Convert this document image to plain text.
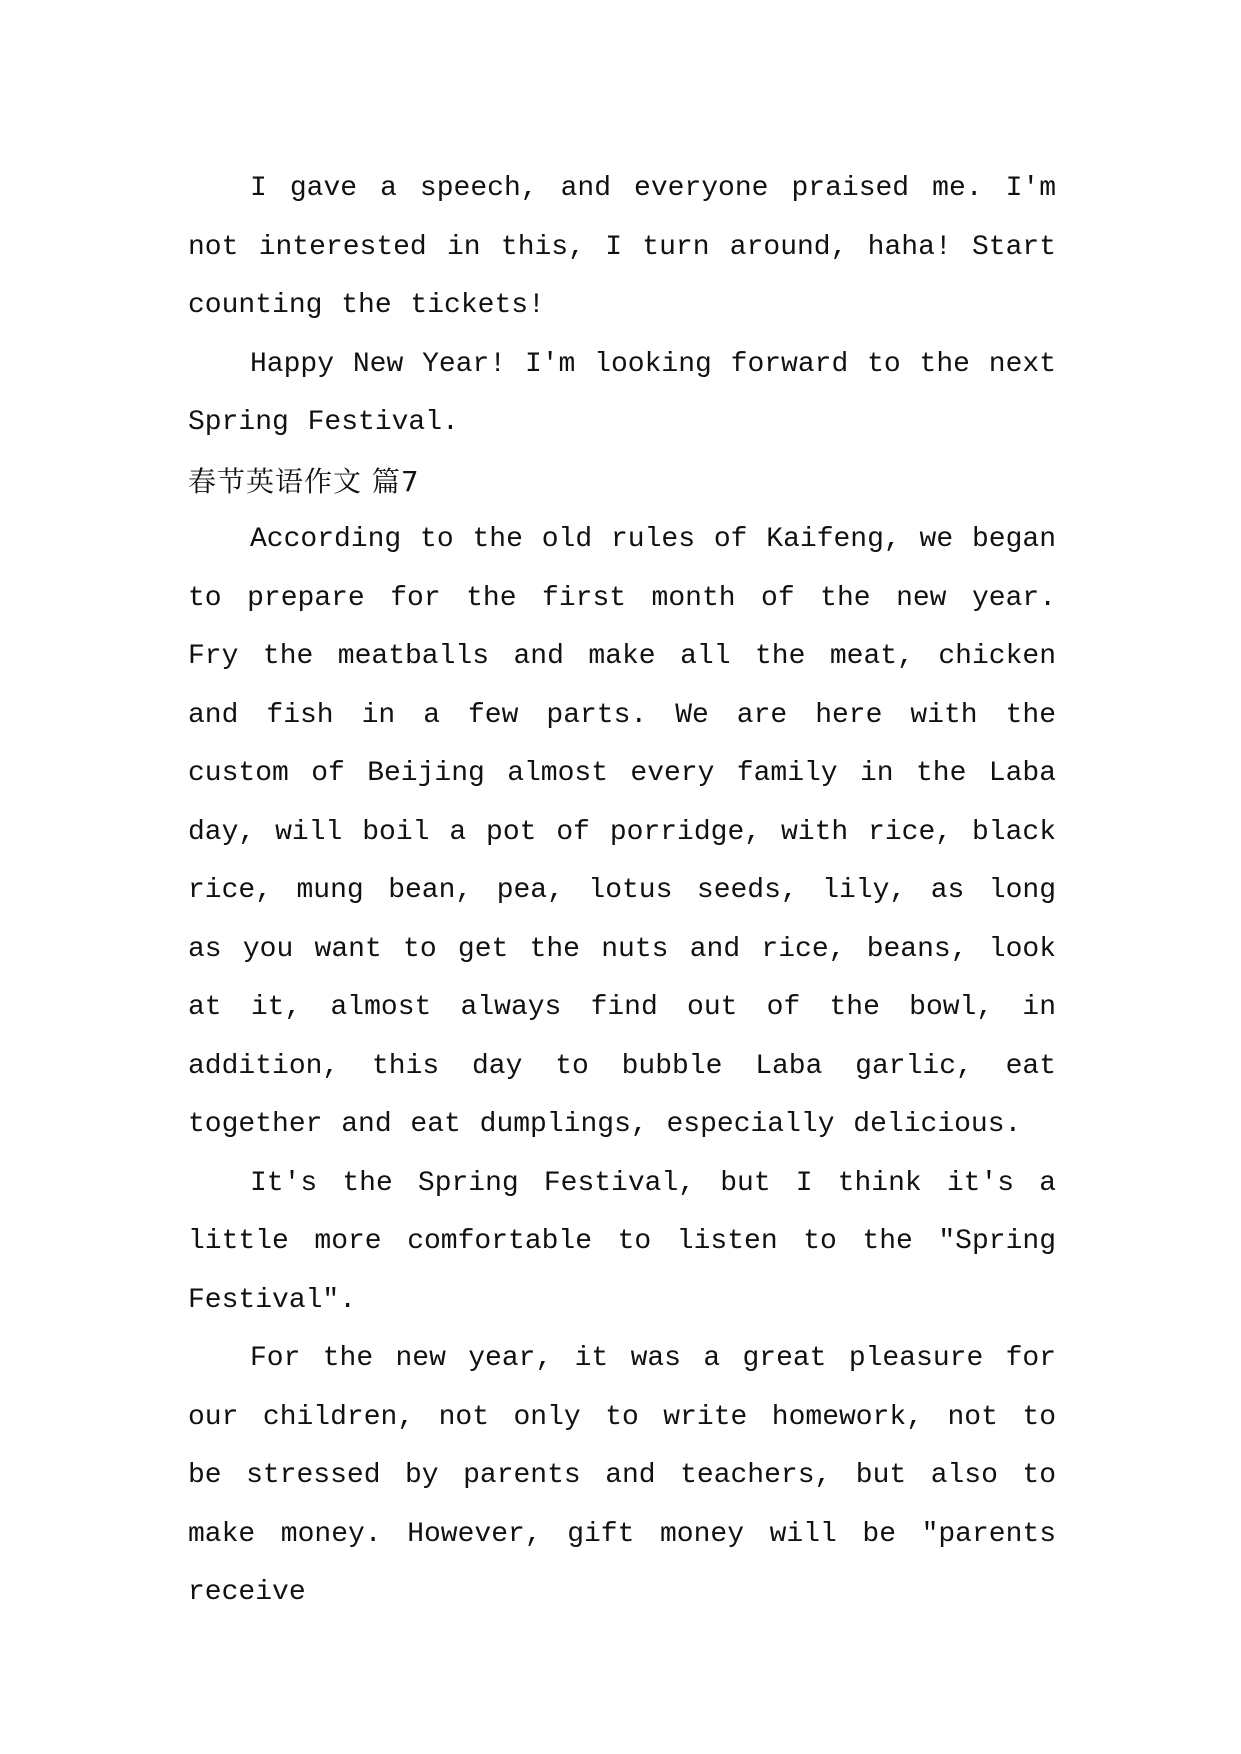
I gave a speech, and everyone praised me. I'm not interested in this, I turn around, haha! Start counting the tickets!

Happy New Year! I'm looking forward to the next Spring Festival.

春节英语作文 篇7

According to the old rules of Kaifeng, we began to prepare for the first month of the new year. Fry the meatballs and make all the meat, chicken and fish in a few parts. We are here with the custom of Beijing almost every family in the Laba day, will boil a pot of porridge, with rice, black rice, mung bean, pea, lotus seeds, lily, as long as you want to get the nuts and rice, beans, look at it, almost always find out of the bowl, in addition, this day to bubble Laba garlic, eat together and eat dumplings, especially delicious.

It's the Spring Festival, but I think it's a little more comfortable to listen to the "Spring Festival".

For the new year, it was a great pleasure for our children, not only to write homework, not to be stressed by parents and teachers, but also to make money. However, gift money will be "parents receive
